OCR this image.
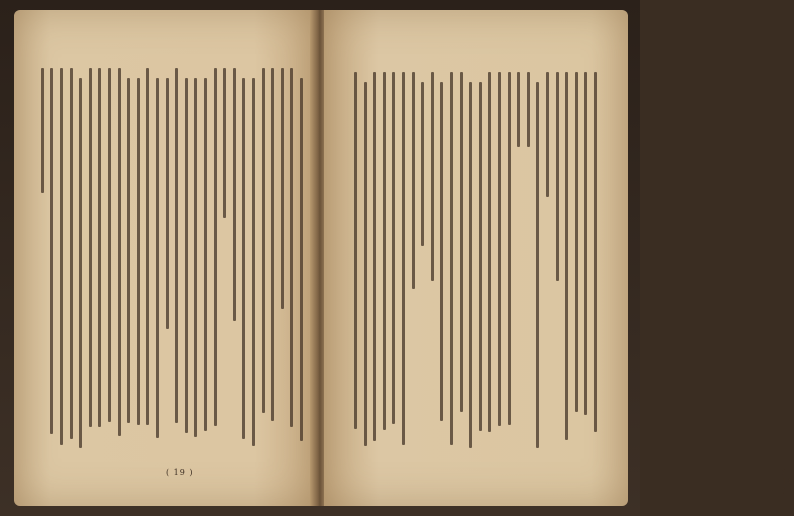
( 19 )	( 18 )
